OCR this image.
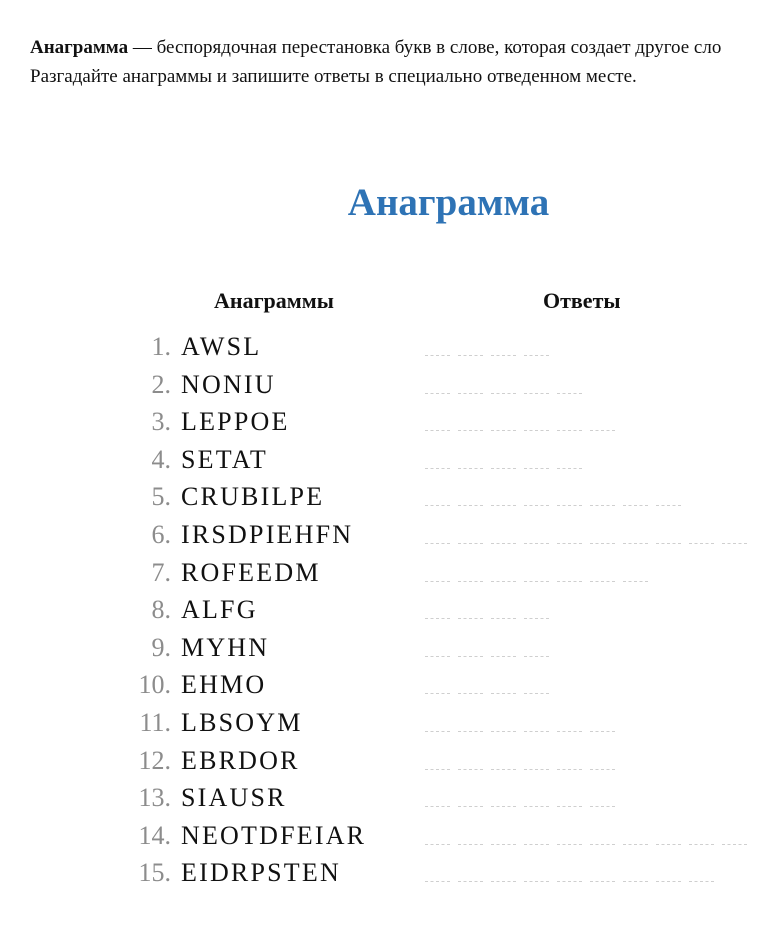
Анаграмма — беспорядочная перестановка букв в слове, которая создает другое сло
Разгадайте анаграммы и запишите ответы в специально отведенном месте.
Анаграмма
Анаграммы	Ответы
1. AWSL
2. NONIU
3. LEPPOE
4. SETAT
5. CRUBILPE
6. IRSDPIEHFN
7. ROFEEDM
8. ALFG
9. MYHN
10. EHMO
11. LBSOYM
12. EBRDOR
13. SIAUSR
14. NEOTDFEIAR
15. EIDRPSTEN
